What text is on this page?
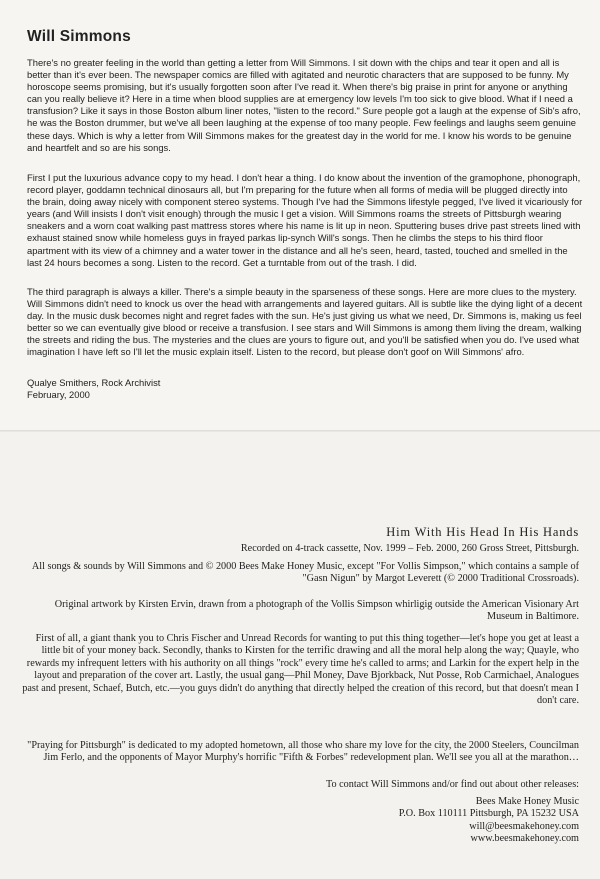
Will Simmons

There's no greater feeling in the world than getting a letter from Will Simmons. I sit down with the chips and tear it open and all is better than it's ever been. The newspaper comics are filled with agitated and neurotic characters that are supposed to be funny. My horoscope seems promising, but it's usually forgotten soon after I've read it. When there's big praise in print for anyone or anything can you really believe it? Here in a time when blood supplies are at emergency low levels I'm too sick to give blood. What if I need a transfusion? Like it says in those Boston album liner notes, "listen to the record." Sure people got a laugh at the expense of Sib's afro, he was the Boston drummer, but we've all been laughing at the expense of too many people. Few feelings and laughs seem genuine these days. Which is why a letter from Will Simmons makes for the greatest day in the world for me. I know his words to be genuine and heartfelt and so are his songs.

First I put the luxurious advance copy to my head. I don't hear a thing. I do know about the invention of the gramophone, phonograph, record player, goddamn technical dinosaurs all, but I'm preparing for the future when all forms of media will be plugged directly into the brain, doing away nicely with component stereo systems. Though I've had the Simmons lifestyle pegged, I've lived it vicariously for years (and Will insists I don't visit enough) through the music I get a vision. Will Simmons roams the streets of Pittsburgh wearing sneakers and a worn coat walking past mattress stores where his name is lit up in neon. Sputtering buses drive past streets lined with exhaust stained snow while homeless guys in frayed parkas lip-synch Will's songs. Then he climbs the steps to his third floor apartment with its view of a chimney and a water tower in the distance and all he's seen, heard, tasted, touched and smelled in the last 24 hours becomes a song. Listen to the record. Get a turntable from out of the trash. I did.

The third paragraph is always a killer. There's a simple beauty in the sparseness of these songs. Here are more clues to the mystery. Will Simmons didn't need to knock us over the head with arrangements and layered guitars. All is subtle like the dying light of a decent day. In the music dusk becomes night and regret fades with the sun. He's just giving us what we need, Dr. Simmons is, making us feel better so we can eventually give blood or receive a transfusion. I see stars and Will Simmons is among them living the dream, walking the streets and riding the bus. The mysteries and the clues are yours to figure out, and you'll be satisfied when you do. I've used what imagination I have left so I'll let the music explain itself. Listen to the record, but please don't goof on Will Simmons' afro.

Qualye Smithers, Rock Archivist
February, 2000
Him With His Head In His Hands

Recorded on 4-track cassette, Nov. 1999 – Feb. 2000, 260 Gross Street, Pittsburgh.

All songs & sounds by Will Simmons and © 2000 Bees Make Honey Music, except "For Vollis Simpson," which contains a sample of "Gasn Nigun" by Margot Leverett (© 2000 Traditional Crossroads).

Original artwork by Kirsten Ervin, drawn from a photograph of the Vollis Simpson whirligig outside the American Visionary Art Museum in Baltimore.

First of all, a giant thank you to Chris Fischer and Unread Records for wanting to put this thing together—let's hope you get at least a little bit of your money back. Secondly, thanks to Kirsten for the terrific drawing and all the moral help along the way; Quayle, who rewards my infrequent letters with his authority on all things "rock" every time he's called to arms; and Larkin for the expert help in the layout and preparation of the cover art. Lastly, the usual gang—Phil Money, Dave Bjorkback, Nut Posse, Rob Carmichael, Analogues past and present, Schaef, Butch, etc.—you guys didn't do anything that directly helped the creation of this record, but that doesn't mean I don't care.

"Praying for Pittsburgh" is dedicated to my adopted hometown, all those who share my love for the city, the 2000 Steelers, Councilman Jim Ferlo, and the opponents of Mayor Murphy's horrific "Fifth & Forbes" redevelopment plan. We'll see you all at the marathon…

To contact Will Simmons and/or find out about other releases:

Bees Make Honey Music
P.O. Box 110111 Pittsburgh, PA 15232 USA
will@beesmakehoney.com
www.beesmakehoney.com
